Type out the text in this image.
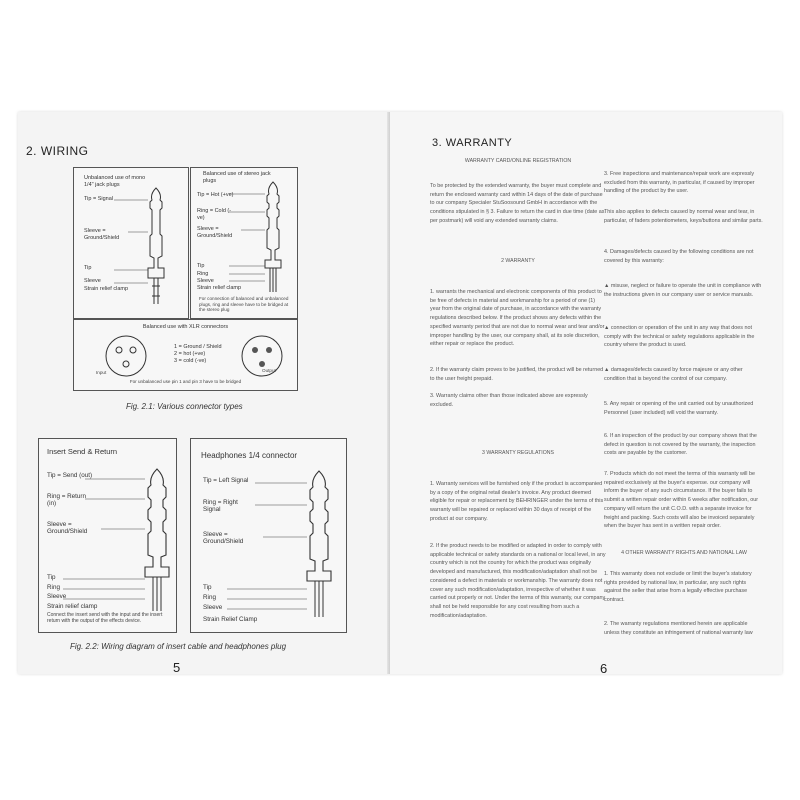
2. WIRING
Unbalanced use of mono 1/4" jack plugs
Tip = Signal
Sleeve = Ground/Shield
Tip
Sleeve
Strain relief clamp
Balanced use of stereo jack plugs
Tip = Hot (+ve)
Ring = Cold (-ve)
Sleeve = Ground/Shield
Tip
Ring
Sleeve
Strain relief clamp
For connection of balanced and unbalanced plugs, ring and sleeve have to be bridged at the stereo plug
Balanced use with XLR connectors
1 = Ground / Shield
2 = hot (+ve)
3 = cold (-ve)
Input	Output
For unbalanced use pin 1 and pin 3 have to be bridged
Fig. 2.1: Various connector types
Insert Send & Return
Tip = Send (out)
Ring = Return (in)
Sleeve = Ground/Shield
Tip
Ring
Sleeve
Strain relief clamp
Connect the insert send with the input and the insert return with the output of the effects device.
Headphones 1/4 connector
Tip = Left Signal
Ring = Right Signal
Sleeve = Ground/Shield
Tip
Ring
Sleeve
Strain Relief Clamp
Fig. 2.2: Wiring diagram of insert cable and headphones plug
5
3. WARRANTY
WARRANTY CARD/ONLINE REGISTRATION
To be protected by the extended warranty, the buyer must complete and return the enclosed warranty card within 14 days of the date of purchase to our company Specialer StuSoosound GmbH in accordance with the conditions stipulated in § 3. Failure to return the card in due time (date as per postmark) will void any extended warranty claims.
2 WARRANTY
1. warrants the mechanical and electronic components of this product to be free of defects in material and workmanship for a period of one (1) year from the original date of purchase, in accordance with the warranty regulations described below. If the product shows any defects within the specified warranty period that are not due to normal wear and tear and/or improper handling by the user, our company shall, at its sole discretion, either repair or replace the product.
2. If the warranty claim proves to be justified, the product will be returned to the user freight prepaid.
3. Warranty claims other than those indicated above are expressly excluded.
3 WARRANTY REGULATIONS
1. Warranty services will be furnished only if the product is accompanied by a copy of the original retail dealer's invoice. Any product deemed eligible for repair or replacement by BEHRINGER under the terms of this warranty will be repaired or replaced within 30 days of receipt of the product at our company.
2. If the product needs to be modified or adapted in order to comply with applicable technical or safety standards on a national or local level, in any country which is not the country for which the product was originally developed and manufactured, this modification/adaptation shall not be considered a defect in materials or workmanship. The warranty does not cover any such modification/adaptation, irrespective of whether it was carried out properly or not. Under the terms of this warranty, our company shall not be held responsible for any cost resulting from such a modification/adaptation.
3. Free inspections and maintenance/repair work are expressly excluded from this warranty, in particular, if caused by improper handling of the product by the user.
This also applies to defects caused by normal wear and tear, in particular, of faders potentiometers, keys/buttons and similar parts.
4. Damages/defects caused by the following conditions are not covered by this warranty:
▲ misuse, neglect or failure to operate the unit in compliance with the instructions given in our company user or service manuals.
▲ connection or operation of the unit in any way that does not comply with the technical or safety regulations applicable in the country where the product is used.
▲ damages/defects caused by force majeure or any other condition that is beyond the control of our company.
5. Any repair or opening of the unit carried out by unauthorized Personnel (user included) will void the warranty.
6. If an inspection of the product by our company shows that the defect in question is not covered by the warranty, the inspection costs are payable by the customer.
7. Products which do not meet the terms of this warranty will be repaired exclusively at the buyer's expense. our company will inform the buyer of any such circumstance. If the buyer fails to submit a written repair order within 6 weeks after notification, our company will return the unit C.O.D. with a separate invoice for freight and packing. Such costs will also be invoiced separately when the buyer has sent in a written repair order.
4 OTHER WARRANTY RIGHTS AND NATIONAL LAW
1. This warranty does not exclude or limit the buyer's statutory rights provided by national law, in particular, any such rights against the seller that arise from a legally effective purchase contract.
2. The warranty regulations mentioned herein are applicable unless they constitute an infringement of national warranty law
6
